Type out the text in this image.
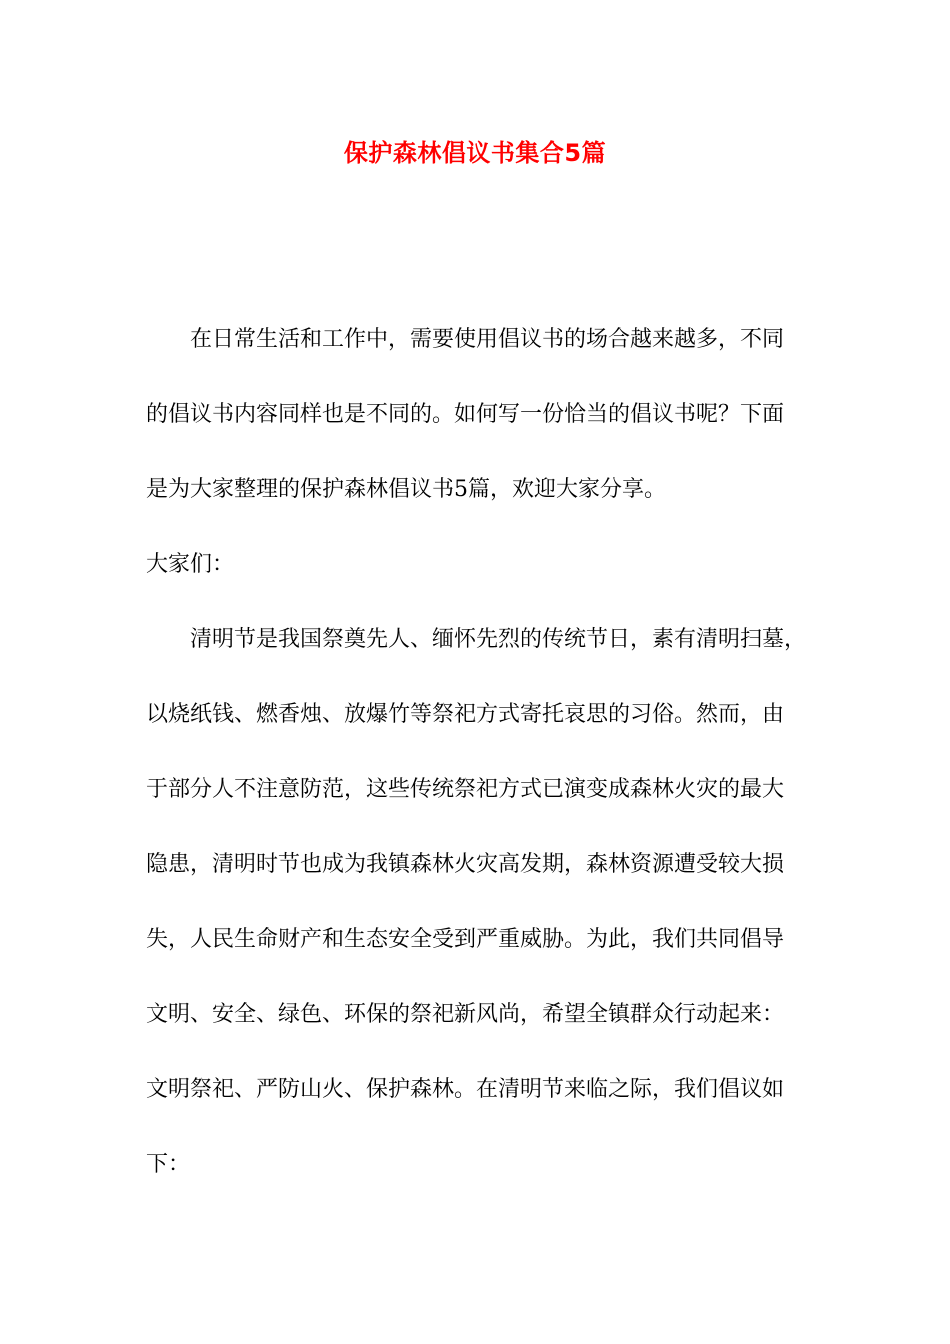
保护森林倡议书集合5篇
在日常生活和工作中，需要使用倡议书的场合越来越多，不同
的倡议书内容同样也是不同的。如何写一份恰当的倡议书呢？下面
是为大家整理的保护森林倡议书5篇，欢迎大家分享。
大家们：
清明节是我国祭奠先人、缅怀先烈的传统节日，素有清明扫墓，
以烧纸钱、燃香烛、放爆竹等祭祀方式寄托哀思的习俗。然而，由
于部分人不注意防范，这些传统祭祀方式已演变成森林火灾的最大
隐患，清明时节也成为我镇森林火灾高发期，森林资源遭受较大损
失，人民生命财产和生态安全受到严重威胁。为此，我们共同倡导
文明、安全、绿色、环保的祭祀新风尚，希望全镇群众行动起来：
文明祭祀、严防山火、保护森林。在清明节来临之际，我们倡议如
下：
